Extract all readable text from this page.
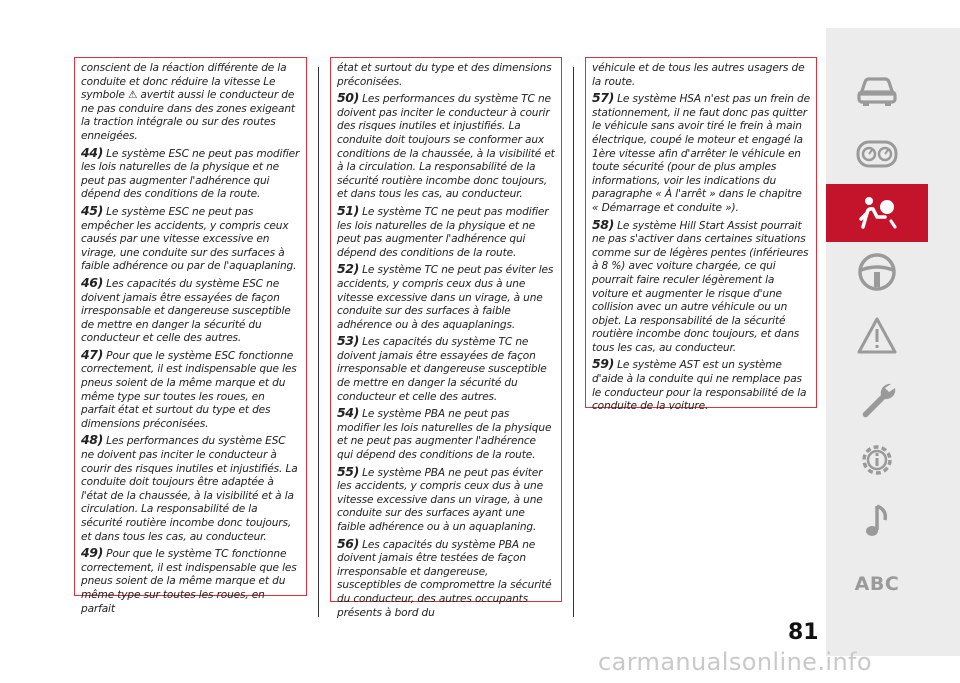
conscient de la réaction différente de la conduite et donc réduire la vitesse Le symbole ⚠ avertit aussi le conducteur de ne pas conduire dans des zones exigeant la traction intégrale ou sur des routes enneigées.

44) Le système ESC ne peut pas modifier les lois naturelles de la physique et ne peut pas augmenter l'adhérence qui dépend des conditions de la route.

45) Le système ESC ne peut pas empêcher les accidents, y compris ceux causés par une vitesse excessive en virage, une conduite sur des surfaces à faible adhérence ou par de l'aquaplaning.

46) Les capacités du système ESC ne doivent jamais être essayées de façon irresponsable et dangereuse susceptible de mettre en danger la sécurité du conducteur et celle des autres.

47) Pour que le système ESC fonctionne correctement, il est indispensable que les pneus soient de la même marque et du même type sur toutes les roues, en parfait état et surtout du type et des dimensions préconisées.

48) Les performances du système ESC ne doivent pas inciter le conducteur à courir des risques inutiles et injustifiés. La conduite doit toujours être adaptée à l'état de la chaussée, à la visibilité et à la circulation. La responsabilité de la sécurité routière incombe donc toujours, et dans tous les cas, au conducteur.

49) Pour que le système TC fonctionne correctement, il est indispensable que les pneus soient de la même marque et du même type sur toutes les roues, en parfait

état et surtout du type et des dimensions préconisées.

50) Les performances du système TC ne doivent pas inciter le conducteur à courir des risques inutiles et injustifiés. La conduite doit toujours se conformer aux conditions de la chaussée, à la visibilité et à la circulation. La responsabilité de la sécurité routière incombe donc toujours, et dans tous les cas, au conducteur.

51) Le système TC ne peut pas modifier les lois naturelles de la physique et ne peut pas augmenter l'adhérence qui dépend des conditions de la route.

52) Le système TC ne peut pas éviter les accidents, y compris ceux dus à une vitesse excessive dans un virage, à une conduite sur des surfaces à faible adhérence ou à des aquaplanings.

53) Les capacités du système TC ne doivent jamais être essayées de façon irresponsable et dangereuse susceptible de mettre en danger la sécurité du conducteur et celle des autres.

54) Le système PBA ne peut pas modifier les lois naturelles de la physique et ne peut pas augmenter l'adhérence qui dépend des conditions de la route.

55) Le système PBA ne peut pas éviter les accidents, y compris ceux dus à une vitesse excessive dans un virage, à une conduite sur des surfaces ayant une faible adhérence ou à un aquaplaning.

56) Les capacités du système PBA ne doivent jamais être testées de façon irresponsable et dangereuse, susceptibles de compromettre la sécurité du conducteur, des autres occupants présents à bord du

véhicule et de tous les autres usagers de la route.

57) Le système HSA n'est pas un frein de stationnement, il ne faut donc pas quitter le véhicule sans avoir tiré le frein à main électrique, coupé le moteur et engagé la 1ère vitesse afin d'arrêter le véhicule en toute sécurité (pour de plus amples informations, voir les indications du paragraphe « À l'arrêt » dans le chapitre « Démarrage et conduite »).

58) Le système Hill Start Assist pourrait ne pas s'activer dans certaines situations comme sur de légères pentes (inférieures à 8 %) avec voiture chargée, ce qui pourrait faire reculer légèrement la voiture et augmenter le risque d'une collision avec un autre véhicule ou un objet. La responsabilité de la sécurité routière incombe donc toujours, et dans tous les cas, au conducteur.

59) Le système AST est un système d'aide à la conduite qui ne remplace pas le conducteur pour la responsabilité de la conduite de la voiture.

ABC
81
carmanualsonline.info
